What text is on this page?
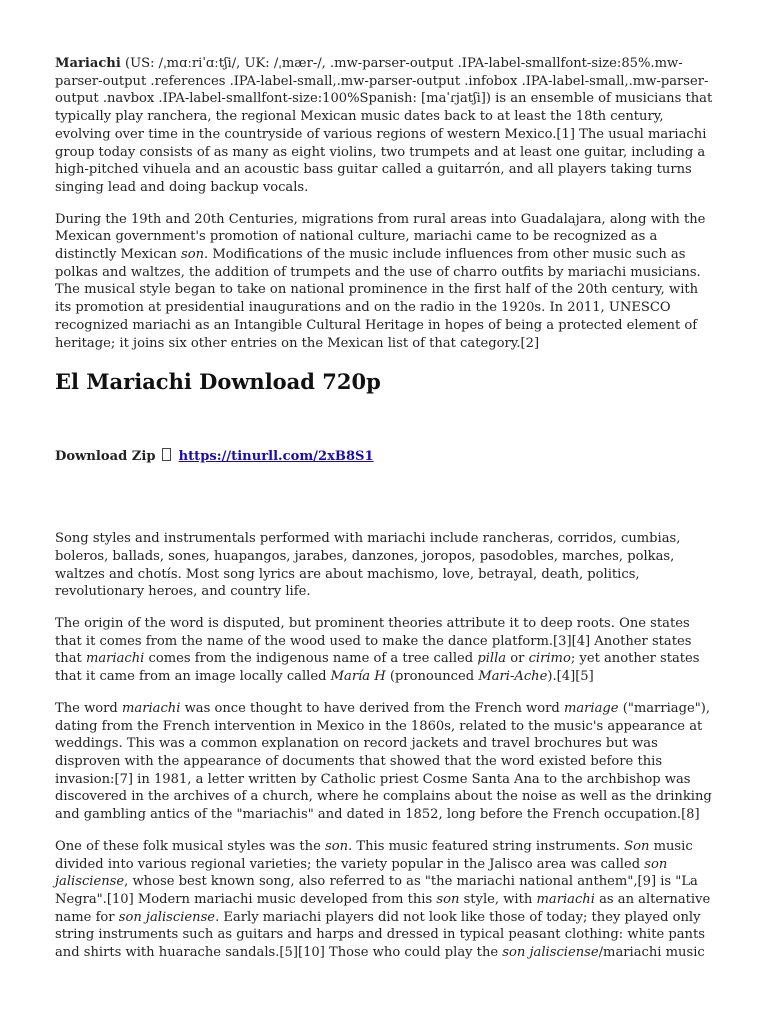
Mariachi (US: /ˌmɑːriˈɑːtʃi/, UK: /ˌmær-/, .mw-parser-output .IPA-label-smallfont-size:85%.mw-parser-output .references .IPA-label-small,.mw-parser-output .infobox .IPA-label-small,.mw-parser-output .navbox .IPA-label-smallfont-size:100%Spanish: [maˈɾjatʃi]) is an ensemble of musicians that typically play ranchera, the regional Mexican music dates back to at least the 18th century, evolving over time in the countryside of various regions of western Mexico.[1] The usual mariachi group today consists of as many as eight violins, two trumpets and at least one guitar, including a high-pitched vihuela and an acoustic bass guitar called a guitarrón, and all players taking turns singing lead and doing backup vocals.

During the 19th and 20th Centuries, migrations from rural areas into Guadalajara, along with the Mexican government's promotion of national culture, mariachi came to be recognized as a distinctly Mexican son. Modifications of the music include influences from other music such as polkas and waltzes, the addition of trumpets and the use of charro outfits by mariachi musicians. The musical style began to take on national prominence in the first half of the 20th century, with its promotion at presidential inaugurations and on the radio in the 1920s. In 2011, UNESCO recognized mariachi as an Intangible Cultural Heritage in hopes of being a protected element of heritage; it joins six other entries on the Mexican list of that category.[2]

El Mariachi Download 720p
Download Zip https://tinurll.com/2xB8S1

Song styles and instrumentals performed with mariachi include rancheras, corridos, cumbias, boleros, ballads, sones, huapangos, jarabes, danzones, joropos, pasodobles, marches, polkas, waltzes and chotís. Most song lyrics are about machismo, love, betrayal, death, politics, revolutionary heroes, and country life.

The origin of the word is disputed, but prominent theories attribute it to deep roots. One states that it comes from the name of the wood used to make the dance platform.[3][4] Another states that mariachi comes from the indigenous name of a tree called pilla or cirimo; yet another states that it came from an image locally called María H (pronounced Mari-Ache).[4][5]

The word mariachi was once thought to have derived from the French word mariage ("marriage"), dating from the French intervention in Mexico in the 1860s, related to the music's appearance at weddings. This was a common explanation on record jackets and travel brochures but was disproven with the appearance of documents that showed that the word existed before this invasion:[7] in 1981, a letter written by Catholic priest Cosme Santa Ana to the archbishop was discovered in the archives of a church, where he complains about the noise as well as the drinking and gambling antics of the "mariachis" and dated in 1852, long before the French occupation.[8]

One of these folk musical styles was the son. This music featured string instruments. Son music divided into various regional varieties; the variety popular in the Jalisco area was called son jalisciense, whose best known song, also referred to as "the mariachi national anthem",[9] is "La Negra".[10] Modern mariachi music developed from this son style, with mariachi as an alternative name for son jalisciense. Early mariachi players did not look like those of today; they played only string instruments such as guitars and harps and dressed in typical peasant clothing: white pants and shirts with huarache sandals.[5][10] Those who could play the son jalisciense/mariachi music
